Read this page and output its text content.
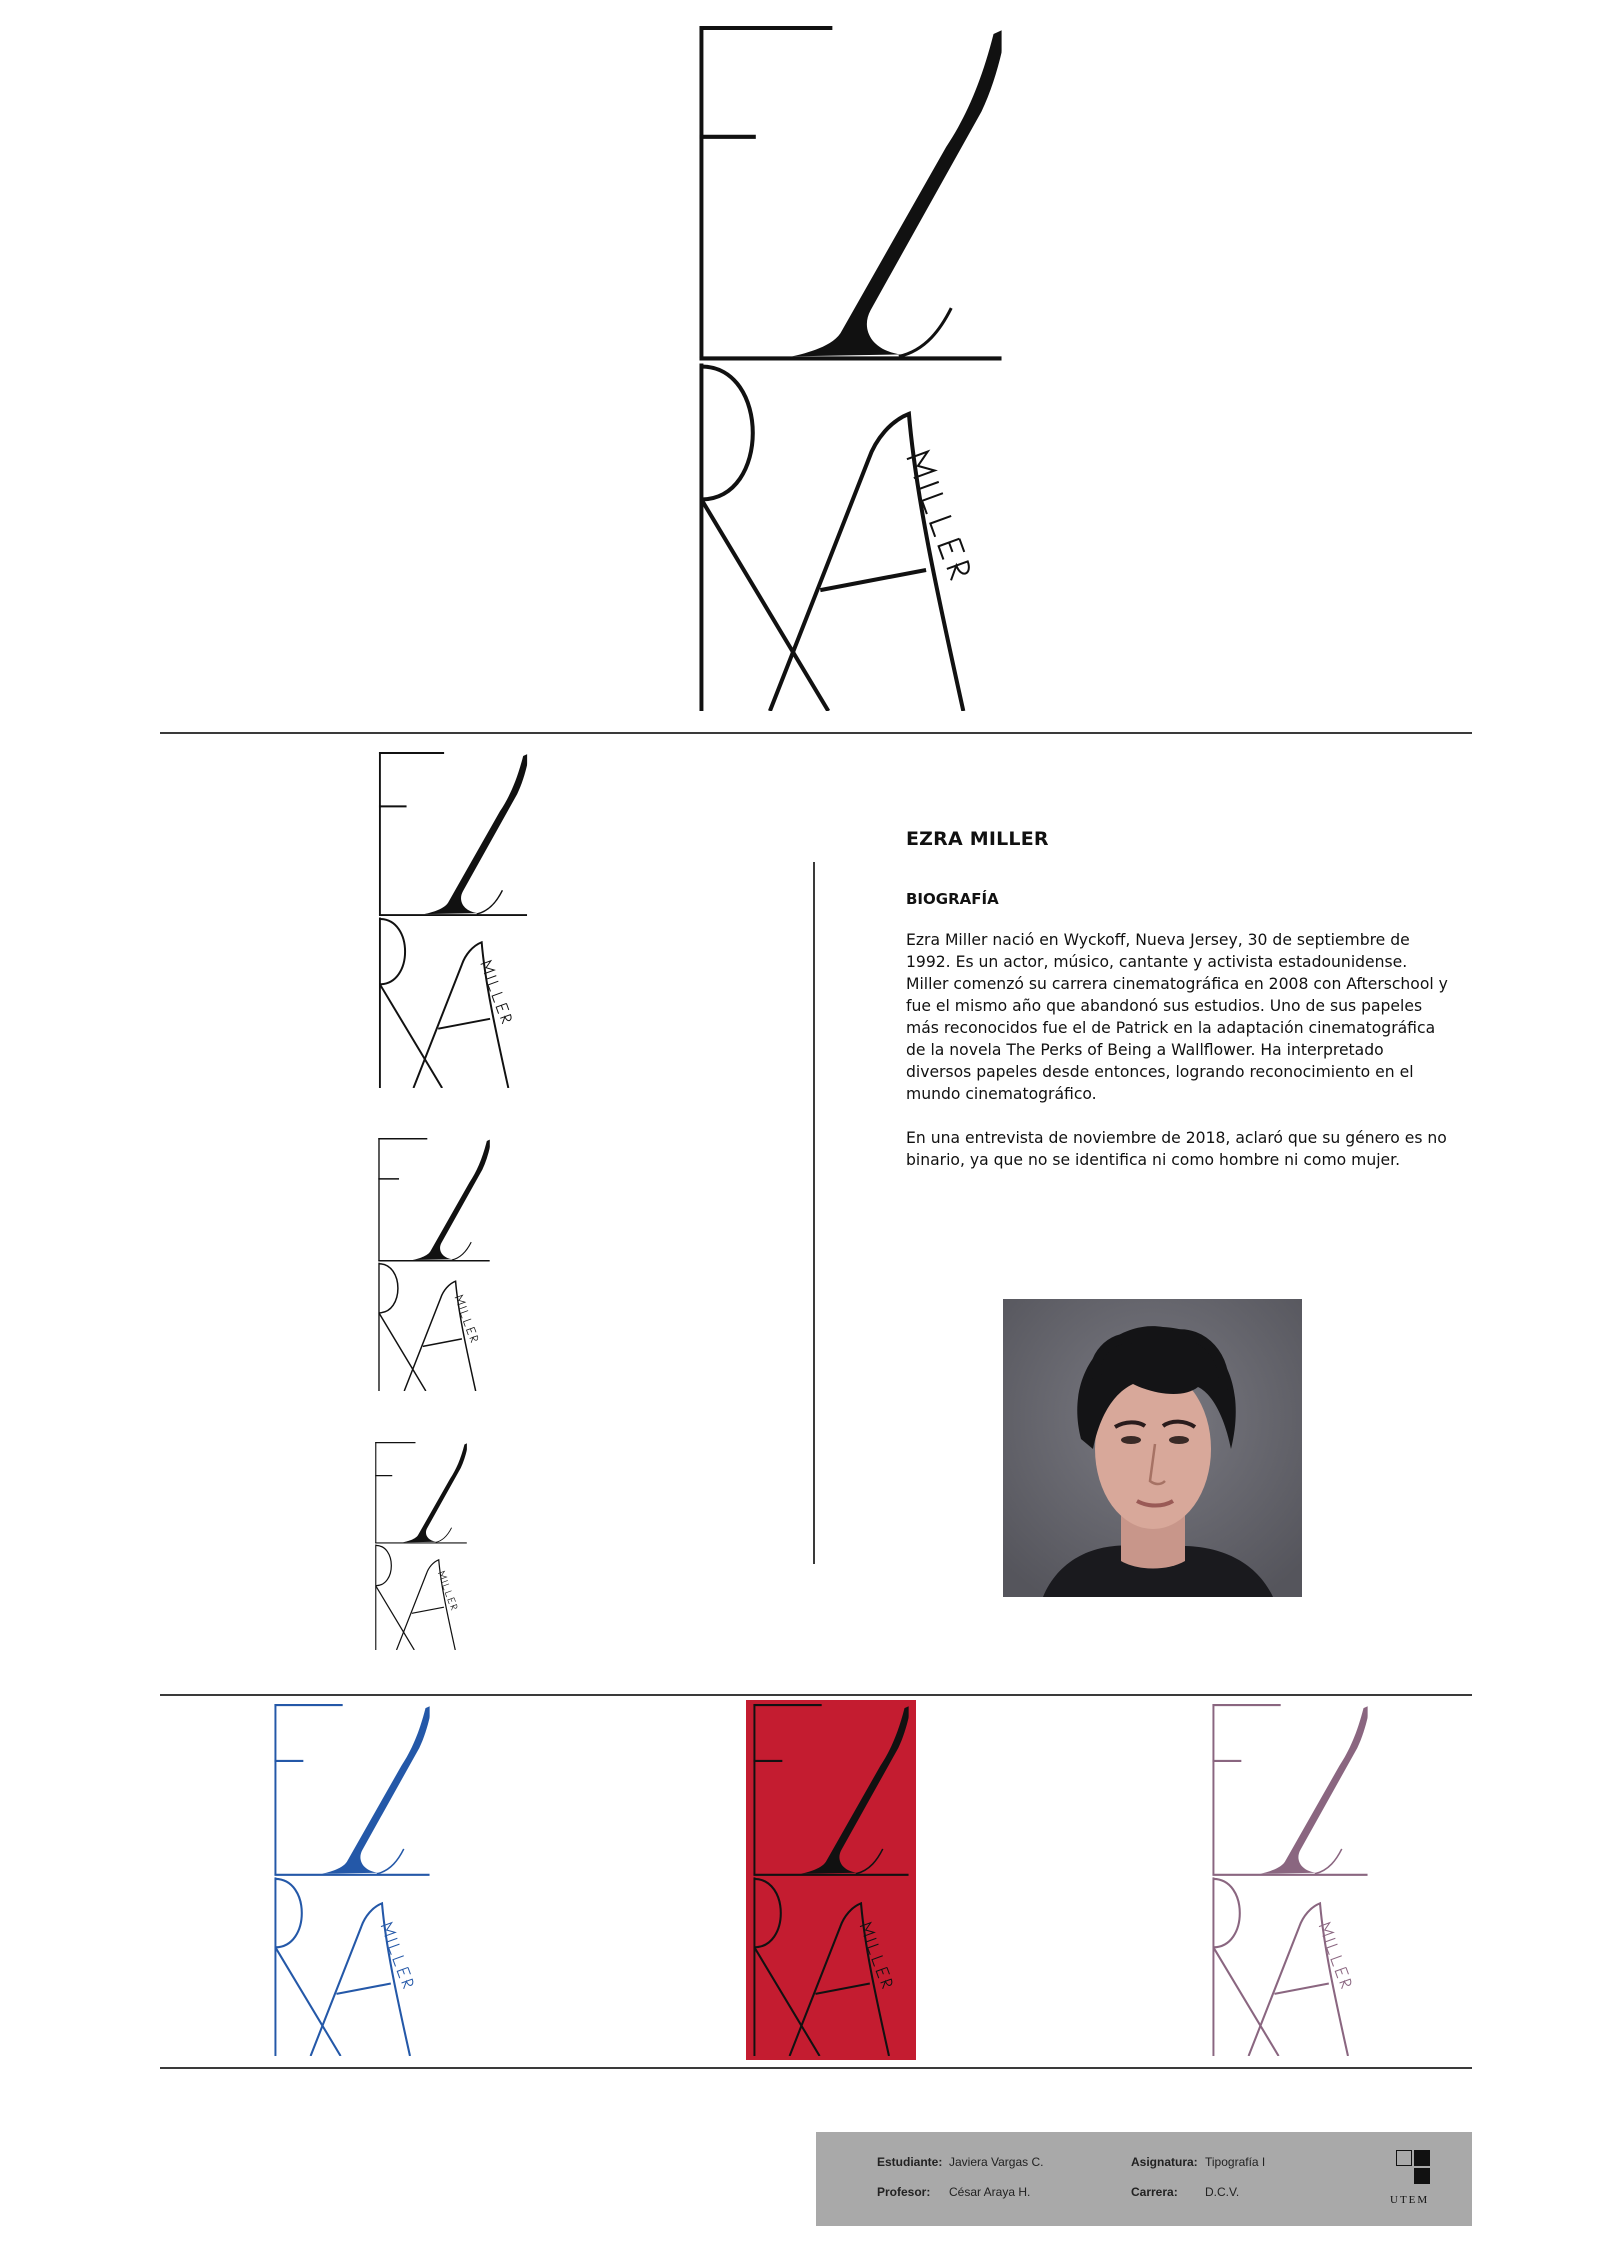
EZRA MILLER
BIOGRAFÍA

Ezra Miller nació en Wyckoff, Nueva Jersey, 30 de septiembre de 1992. Es un actor, músico, cantante y activista estadounidense. Miller comenzó su carrera cinematográfica en 2008 con Afterschool y fue el mismo año que abandonó sus estudios. Uno de sus papeles más reconocidos fue el de Patrick en la adaptación cinematográfica de la novela The Perks of Being a Wallflower. Ha interpretado diversos papeles desde entonces, logrando reconocimiento en el mundo cinematográfico.

En una entrevista de noviembre de 2018, aclaró que su género es no binario, ya que no se identifica ni como hombre ni como mujer.

Estudiante: Javiera Vargas C.	Asignatura: Tipografía I
Profesor: César Araya H.	Carrera: D.C.V.
UTEM
